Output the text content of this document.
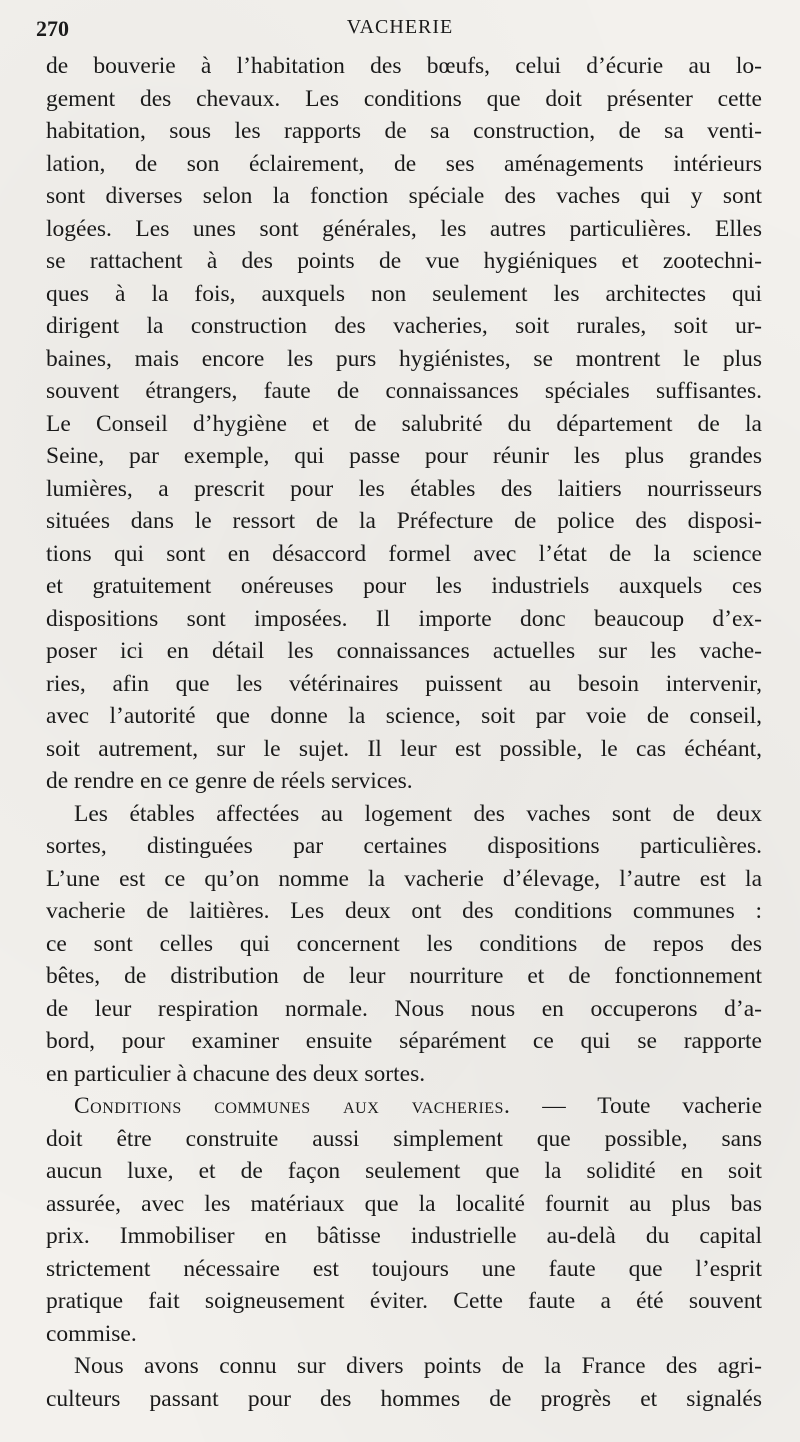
270	VACHERIE
de bouverie à l’habitation des bœufs, celui d’écurie au lo-
gement des chevaux. Les conditions que doit présenter cette
habitation, sous les rapports de sa construction, de sa venti-
lation, de son éclairement, de ses aménagements intérieurs
sont diverses selon la fonction spéciale des vaches qui y sont
logées. Les unes sont générales, les autres particulières. Elles
se rattachent à des points de vue hygiéniques et zootechni-
ques à la fois, auxquels non seulement les architectes qui
dirigent la construction des vacheries, soit rurales, soit ur-
baines, mais encore les purs hygiénistes, se montrent le plus
souvent étrangers, faute de connaissances spéciales suffisantes.
Le Conseil d’hygiène et de salubrité du département de la
Seine, par exemple, qui passe pour réunir les plus grandes
lumières, a prescrit pour les étables des laitiers nourrisseurs
situées dans le ressort de la Préfecture de police des disposi-
tions qui sont en désaccord formel avec l’état de la science
et gratuitement onéreuses pour les industriels auxquels ces
dispositions sont imposées. Il importe donc beaucoup d’ex-
poser ici en détail les connaissances actuelles sur les vache-
ries, afin que les vétérinaires puissent au besoin intervenir,
avec l’autorité que donne la science, soit par voie de conseil,
soit autrement, sur le sujet. Il leur est possible, le cas échéant,
de rendre en ce genre de réels services.
Les étables affectées au logement des vaches sont de deux
sortes, distinguées par certaines dispositions particulières.
L’une est ce qu’on nomme la vacherie d’élevage, l’autre est la
vacherie de laitières. Les deux ont des conditions communes :
ce sont celles qui concernent les conditions de repos des
bêtes, de distribution de leur nourriture et de fonctionnement
de leur respiration normale. Nous nous en occuperons d’a-
bord, pour examiner ensuite séparément ce qui se rapporte
en particulier à chacune des deux sortes.
Conditions communes aux vacheries. — Toute vacherie
doit être construite aussi simplement que possible, sans
aucun luxe, et de façon seulement que la solidité en soit
assurée, avec les matériaux que la localité fournit au plus bas
prix. Immobiliser en bâtisse industrielle au-delà du capital
strictement nécessaire est toujours une faute que l’esprit
pratique fait soigneusement éviter. Cette faute a été souvent
commise.
Nous avons connu sur divers points de la France des agri-
culteurs passant pour des hommes de progrès et signalés
